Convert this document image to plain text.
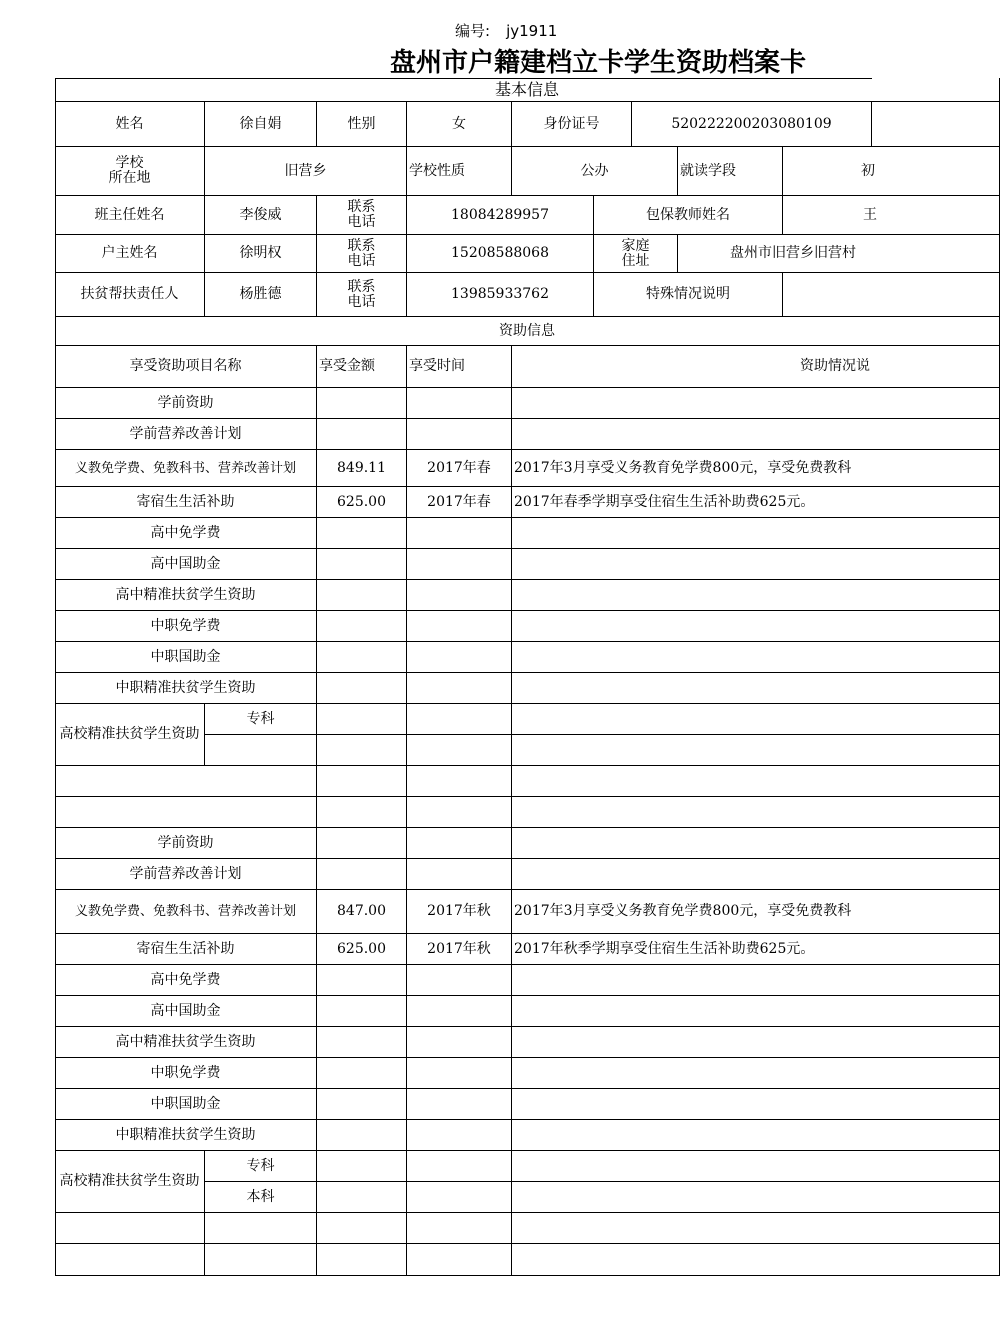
编号: jy1911
盘州市户籍建档立卡学生资助档案卡
基本信息
姓名	徐自娟	性别	女	身份证号	520222200203080109
学校
所在地	旧营乡	学校性质	公办	就读学段	初
班主任姓名	李俊威	联系
电话	18084289957	包保教师姓名	王
户主姓名	徐明权	联系
电话	15208588068	家庭
住址	盘州市旧营乡旧营村
扶贫帮扶责任人	杨胜德	联系
电话	13985933762	特殊情况说明
资助信息
享受资助项目名称	享受金额	享受时间	资助情况说
学前资助
学前营养改善计划
义教免学费、免教科书、营养改善计划	849.11	2017年春	2017年3月享受义务教育免学费800元，享受免费教科
寄宿生生活补助	625.00	2017年春	2017年春季学期享受住宿生生活补助费625元。
高中免学费
高中国助金
高中精准扶贫学生资助
中职免学费
中职国助金
中职精准扶贫学生资助
高校精准扶贫学生资助
专科
学前资助
学前营养改善计划
义教免学费、免教科书、营养改善计划	847.00	2017年秋	2017年3月享受义务教育免学费800元，享受免费教科
寄宿生生活补助	625.00	2017年秋	2017年秋季学期享受住宿生生活补助费625元。
高中免学费
高中国助金
高中精准扶贫学生资助
中职免学费
中职国助金
中职精准扶贫学生资助
高校精准扶贫学生资助
专科
本科
